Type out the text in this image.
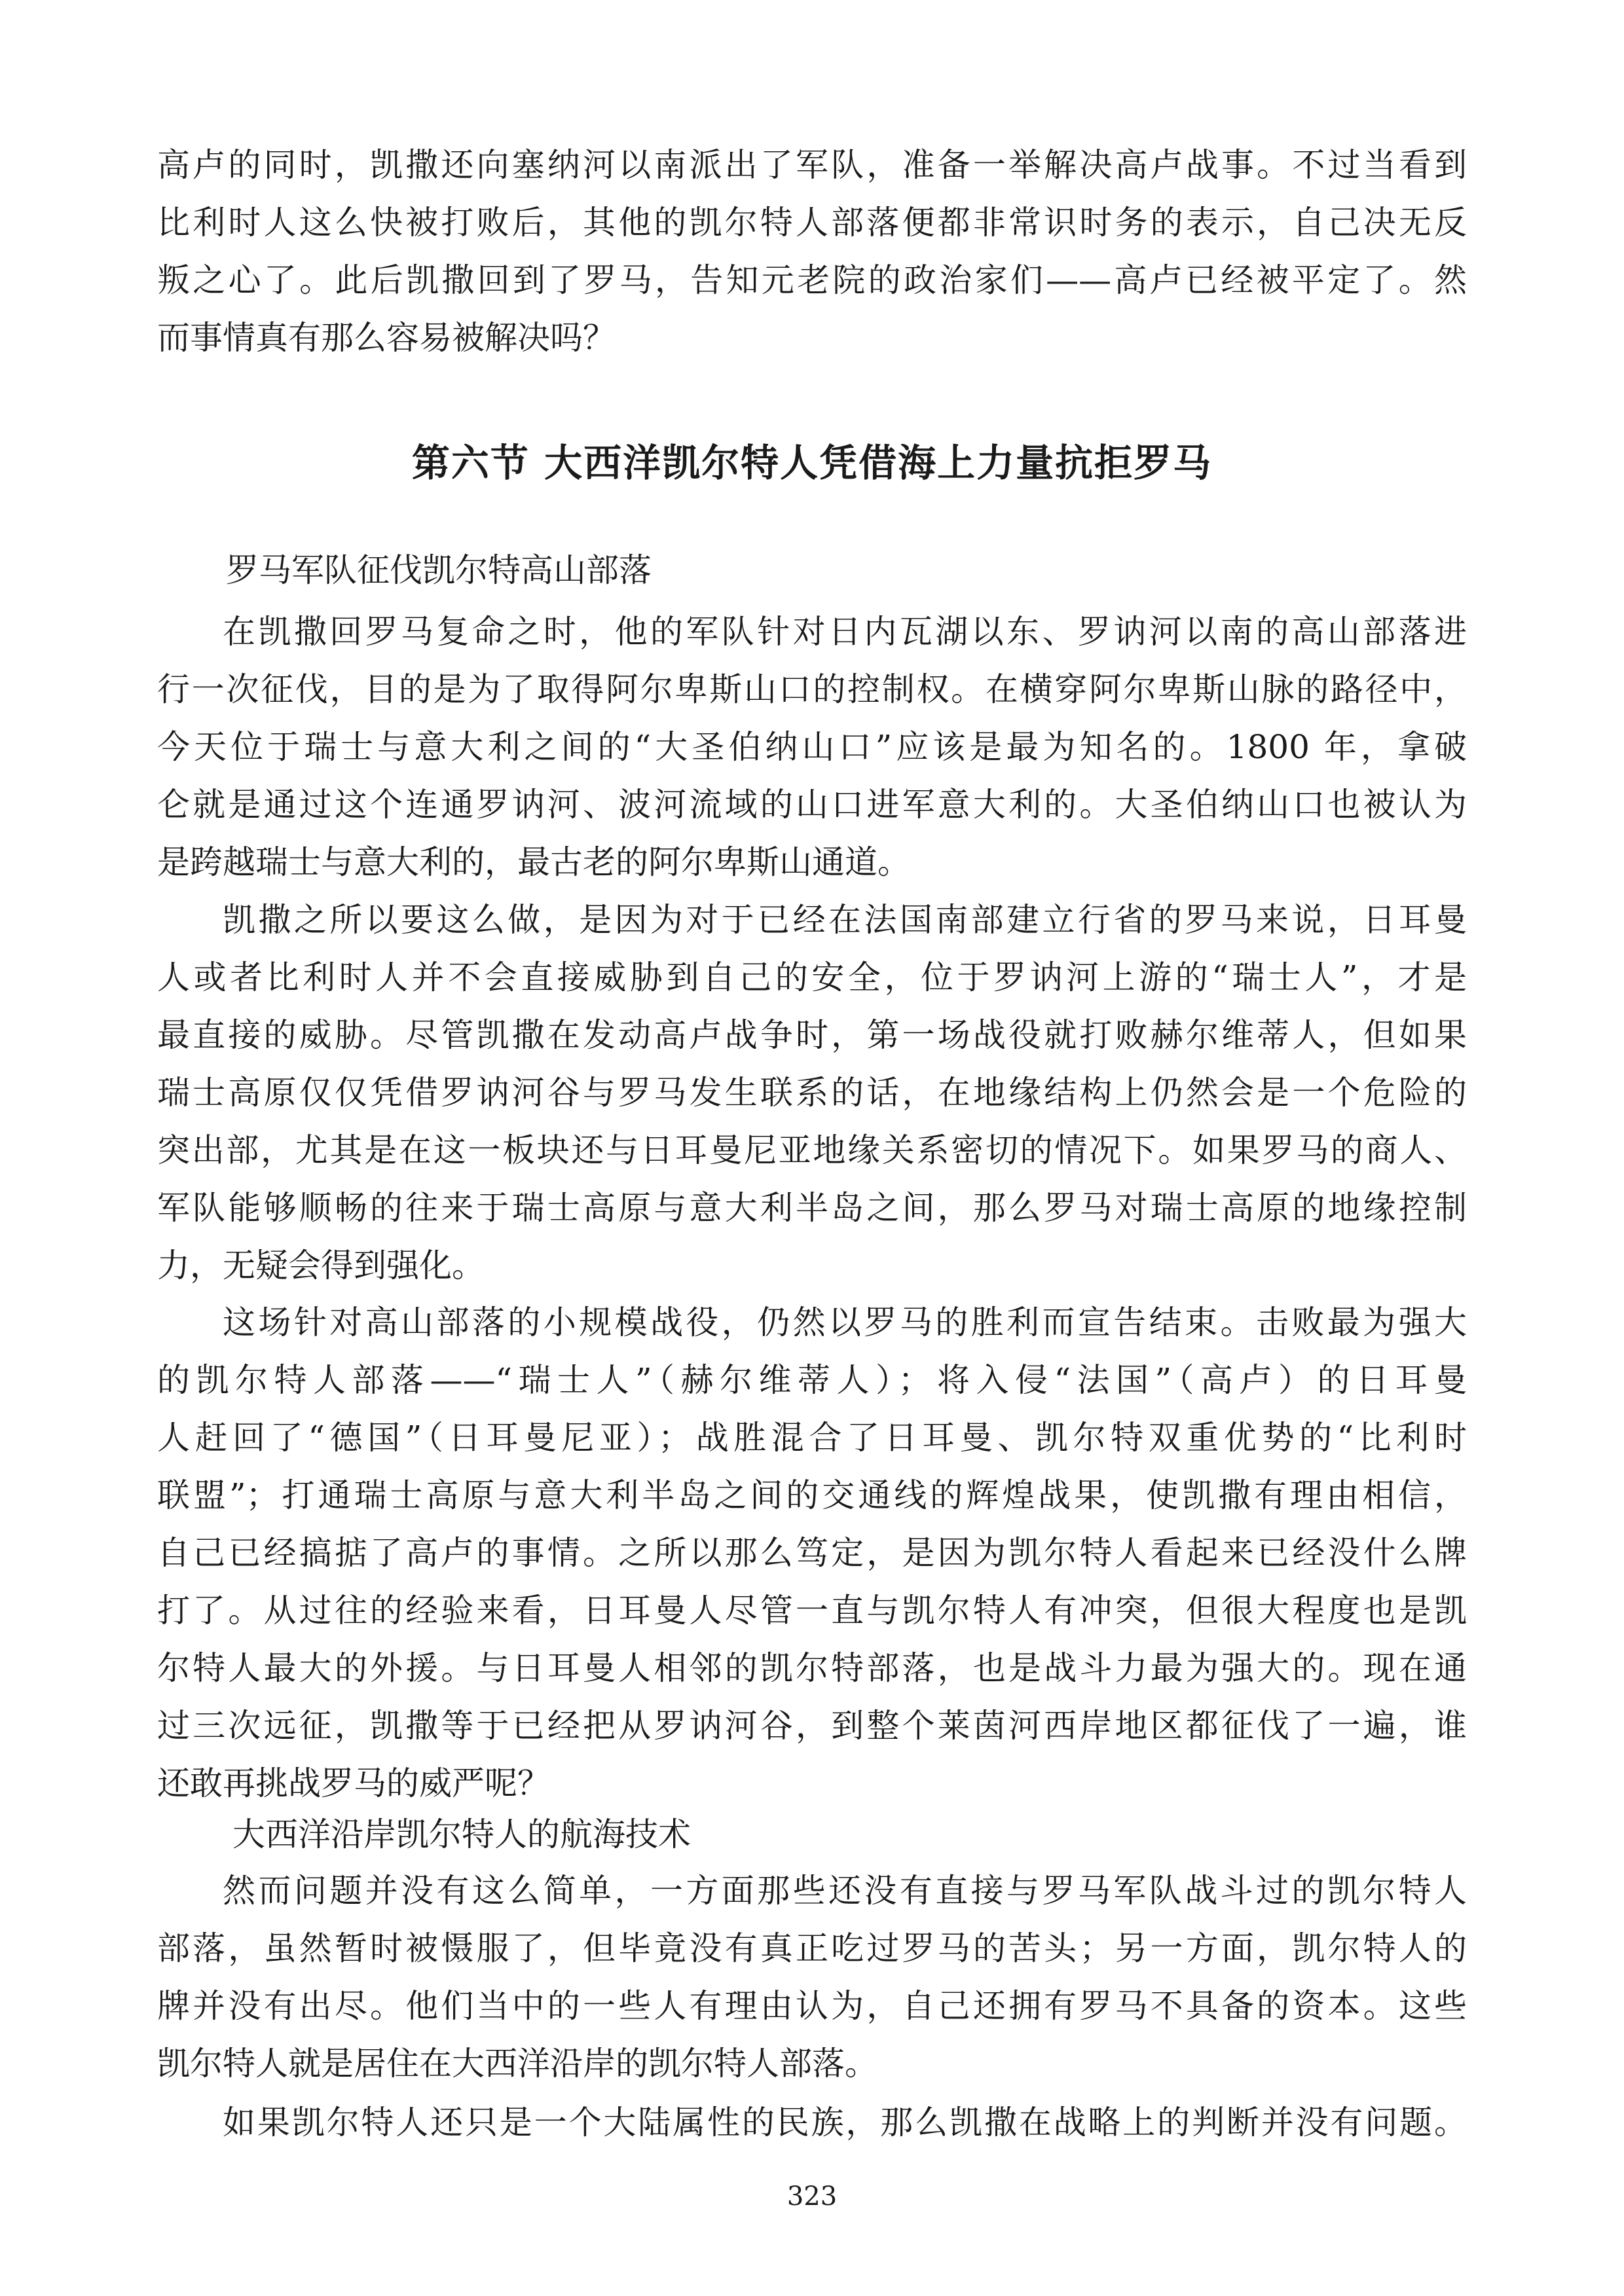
高卢的同时，凯撒还向塞纳河以南派出了军队，准备一举解决高卢战事。不过当看到
比利时人这么快被打败后，其他的凯尔特人部落便都非常识时务的表示，自己决无反
叛之心了。此后凯撒回到了罗马，告知元老院的政治家们——高卢已经被平定了。然
而事情真有那么容易被解决吗？
第六节 大西洋凯尔特人凭借海上力量抗拒罗马
罗马军队征伐凯尔特高山部落
在凯撒回罗马复命之时，他的军队针对日内瓦湖以东、罗讷河以南的高山部落进
行一次征伐，目的是为了取得阿尔卑斯山口的控制权。在横穿阿尔卑斯山脉的路径中，
今天位于瑞士与意大利之间的“大圣伯纳山口”应该是最为知名的。1800 年，拿破
仑就是通过这个连通罗讷河、波河流域的山口进军意大利的。大圣伯纳山口也被认为
是跨越瑞士与意大利的，最古老的阿尔卑斯山通道。
凯撒之所以要这么做，是因为对于已经在法国南部建立行省的罗马来说，日耳曼
人或者比利时人并不会直接威胁到自己的安全，位于罗讷河上游的“瑞士人”，才是
最直接的威胁。尽管凯撒在发动高卢战争时，第一场战役就打败赫尔维蒂人，但如果
瑞士高原仅仅凭借罗讷河谷与罗马发生联系的话，在地缘结构上仍然会是一个危险的
突出部，尤其是在这一板块还与日耳曼尼亚地缘关系密切的情况下。如果罗马的商人、
军队能够顺畅的往来于瑞士高原与意大利半岛之间，那么罗马对瑞士高原的地缘控制
力，无疑会得到强化。
这场针对高山部落的小规模战役，仍然以罗马的胜利而宣告结束。击败最为强大
的凯尔特人部落——“瑞士人”（赫尔维蒂人）；将入侵“法国”（高卢）的日耳曼
人赶回了“德国”（日耳曼尼亚）；战胜混合了日耳曼、凯尔特双重优势的“比利时
联盟”；打通瑞士高原与意大利半岛之间的交通线的辉煌战果，使凯撒有理由相信，
自己已经搞掂了高卢的事情。之所以那么笃定，是因为凯尔特人看起来已经没什么牌
打了。从过往的经验来看，日耳曼人尽管一直与凯尔特人有冲突，但很大程度也是凯
尔特人最大的外援。与日耳曼人相邻的凯尔特部落，也是战斗力最为强大的。现在通
过三次远征，凯撒等于已经把从罗讷河谷，到整个莱茵河西岸地区都征伐了一遍，谁
还敢再挑战罗马的威严呢？
大西洋沿岸凯尔特人的航海技术
然而问题并没有这么简单，一方面那些还没有直接与罗马军队战斗过的凯尔特人
部落，虽然暂时被慑服了，但毕竟没有真正吃过罗马的苦头；另一方面，凯尔特人的
牌并没有出尽。他们当中的一些人有理由认为，自己还拥有罗马不具备的资本。这些
凯尔特人就是居住在大西洋沿岸的凯尔特人部落。
如果凯尔特人还只是一个大陆属性的民族，那么凯撒在战略上的判断并没有问题。
323
